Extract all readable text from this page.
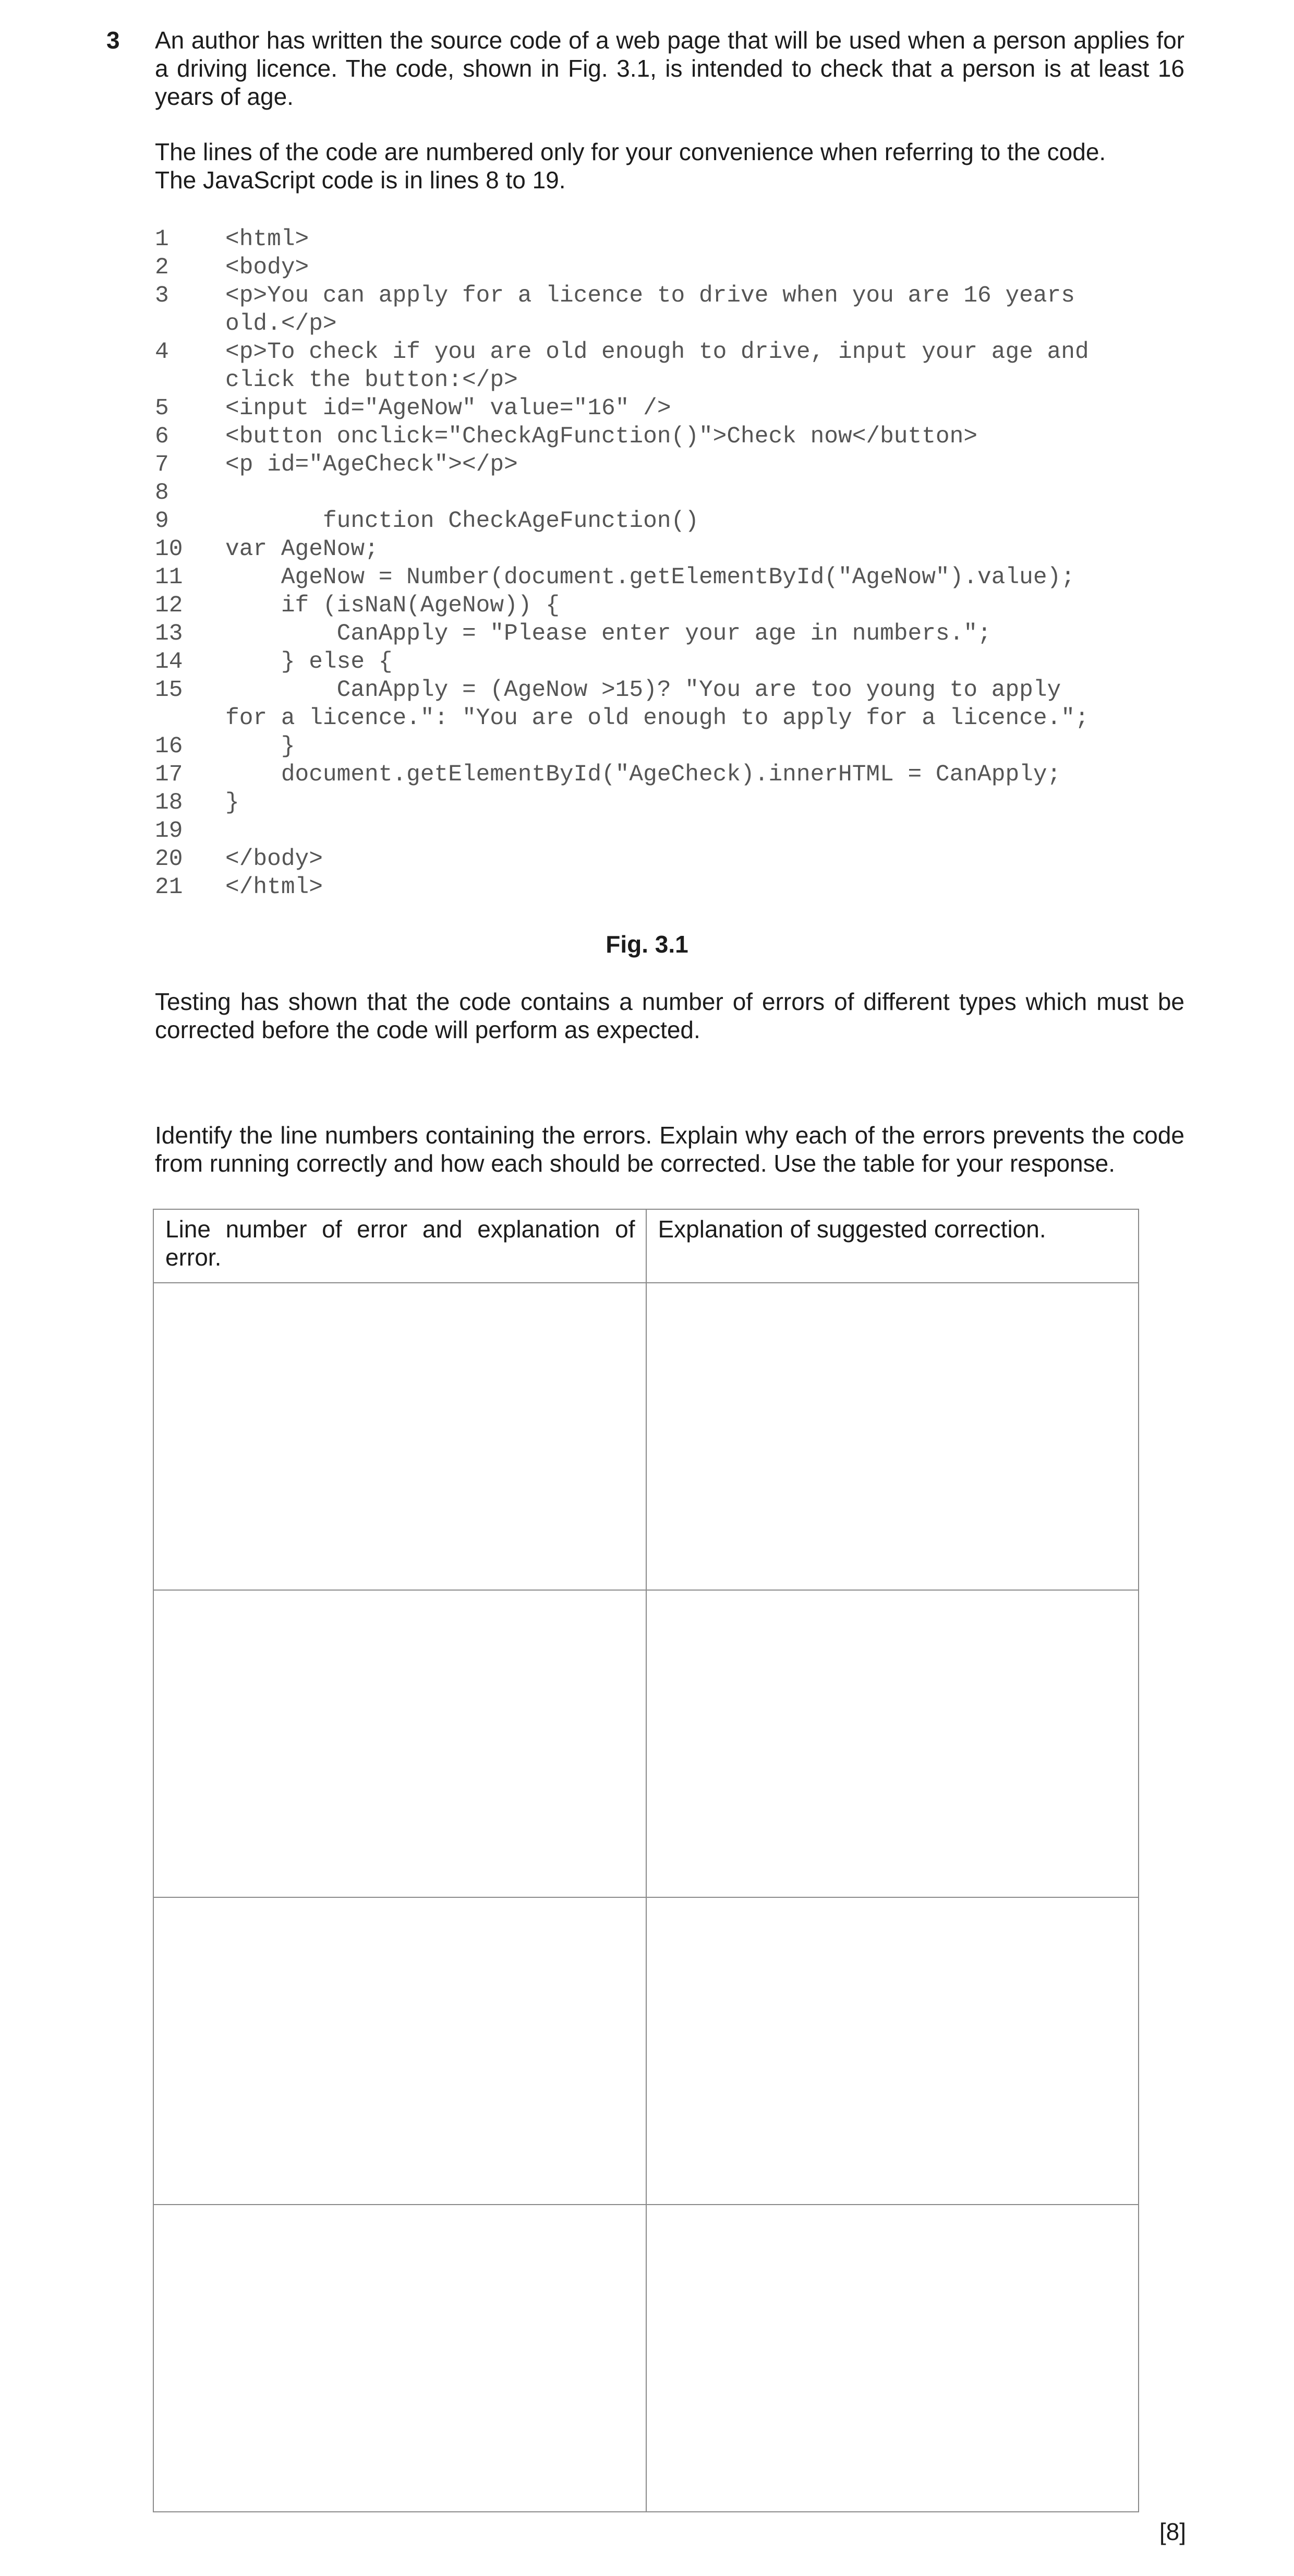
3 An author has written the source code of a web page that will be used when a person applies for a driving licence. The code, shown in Fig. 3.1, is intended to check that a person is at least 16 years of age.

The lines of the code are numbered only for your convenience when referring to the code.
The JavaScript code is in lines 8 to 19.
1	<html>
2	<body>
3	<p>You can apply for a licence to drive when you are 16 years
old.</p>
4	<p>To check if you are old enough to drive, input your age and
click the button:</p>
5	<input id="AgeNow" value="16" />
6	<button onclick="CheckAgFunction()">Check now</button>
7	<p id="AgeCheck"></p>
8
9	function CheckAgeFunction()
10	var AgeNow;
11	AgeNow = Number(document.getElementById("AgeNow").value);
12	if (isNaN(AgeNow)) {
13	CanApply = "Please enter your age in numbers.";
14	} else {
15	CanApply = (AgeNow >15)? "You are too young to apply
for a licence.": "You are old enough to apply for a licence.";
16	}
17	document.getElementById("AgeCheck).innerHTML = CanApply;
18	}
19
20	</body>
21	</html>
Fig. 3.1

Testing has shown that the code contains a number of errors of different types which must be corrected before the code will perform as expected.

Identify the line numbers containing the errors. Explain why each of the errors prevents the code from running correctly and how each should be corrected. Use the table for your response.

Line number of error and explanation of error.	Explanation of suggested correction.

[8]
